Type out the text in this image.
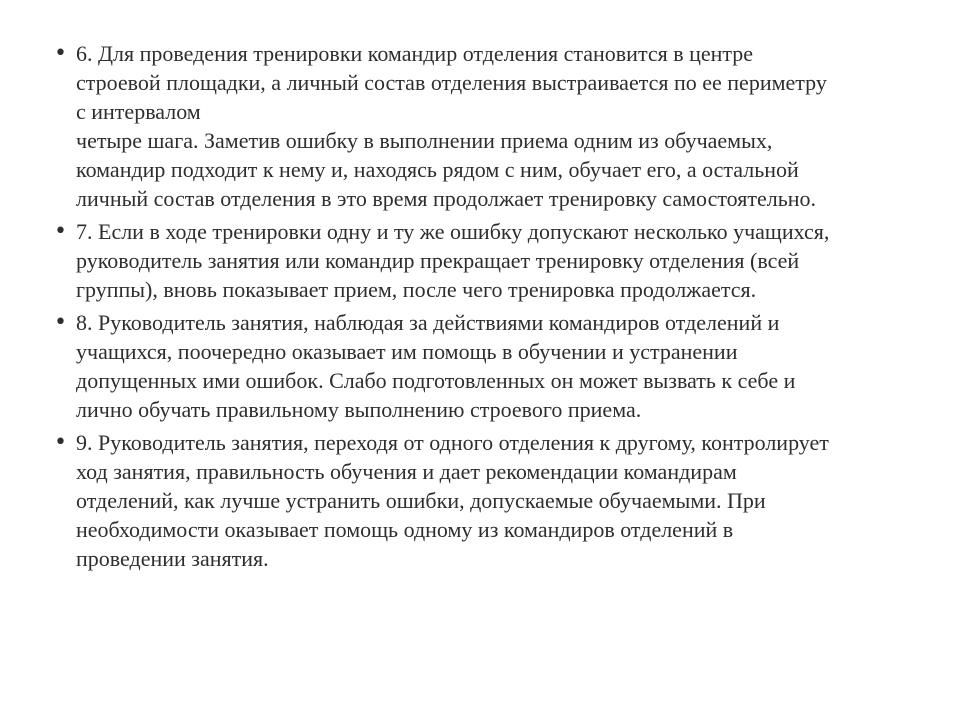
• 6. Для проведения тренировки командир отделения становится в центре
строевой площадки, а личный состав отделения выстраивается по ее периметру
с интервалом
четыре шага. Заметив ошибку в выполнении приема одним из обучаемых,
командир подходит к нему и, находясь рядом с ним, обучает его, а остальной
личный состав отделения в это время продолжает тренировку самостоятельно.
• 7. Если в ходе тренировки одну и ту же ошибку допускают несколько учащихся,
руководитель занятия или командир прекращает тренировку отделения (всей
группы), вновь показывает прием, после чего тренировка продолжается.
• 8. Руководитель занятия, наблюдая за действиями командиров отделений и
учащихся, поочередно оказывает им помощь в обучении и устранении
допущенных ими ошибок. Слабо подготовленных он может вызвать к себе и
лично обучать правильному выполнению строевого приема.
• 9. Руководитель занятия, переходя от одного отделения к другому, контролирует
ход занятия, правильность обучения и дает рекомендации командирам
отделений, как лучше устранить ошибки, допускаемые обучаемыми. При
необходимости оказывает помощь одному из командиров отделений в
проведении занятия.
